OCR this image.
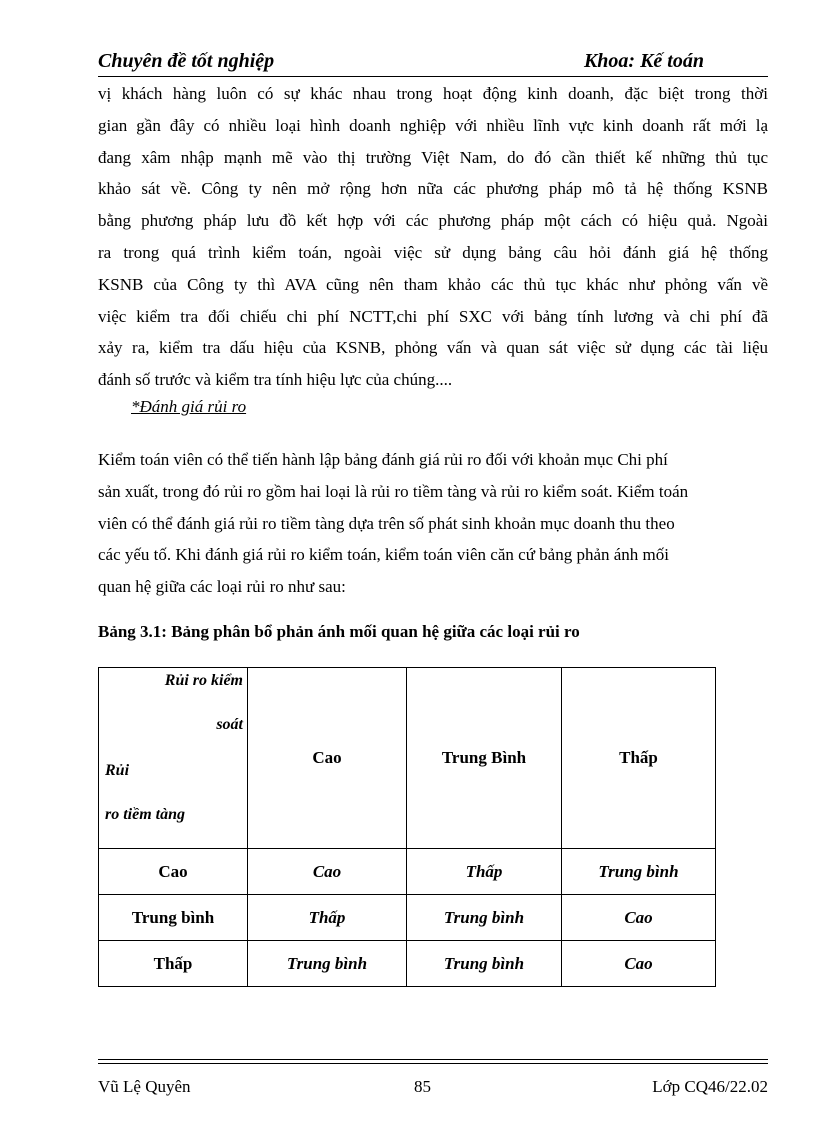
Chuyên đề tốt nghiệp	Khoa: Kế toán
vị khách hàng luôn có sự khác nhau trong hoạt động kinh doanh, đặc biệt trong thời
gian gần đây có nhiều loại hình doanh nghiệp với nhiều lĩnh vực kinh doanh rất mới lạ
đang xâm nhập mạnh mẽ vào thị trường Việt Nam, do đó cần thiết kế những thủ tục
khảo sát về. Công ty nên mở rộng hơn nữa các phương pháp mô tả hệ thống KSNB
bằng phương pháp lưu đồ kết hợp với các phương pháp một cách có hiệu quả. Ngoài
ra trong quá trình kiểm toán, ngoài việc sử dụng bảng câu hỏi đánh giá hệ thống
KSNB của Công ty thì AVA cũng nên tham khảo các thủ tục khác như phỏng vấn về
việc kiểm tra đối chiếu chi phí NCTT,chi phí SXC với bảng tính lương và chi phí đã
xảy ra, kiểm tra dấu hiệu của KSNB, phỏng vấn và quan sát việc sử dụng các tài liệu
đánh số trước và kiểm tra tính hiệu lực của chúng....
*Đánh giá rủi ro
Kiểm toán viên có thể tiến hành lập bảng đánh giá rủi ro đối với khoản mục Chi phí
sản xuất, trong đó rủi ro gồm hai loại là rủi ro tiềm tàng và rủi ro kiểm soát. Kiểm toán
viên có thể đánh giá rủi ro tiềm tàng dựa trên số phát sinh khoản mục doanh thu theo
các yếu tố. Khi đánh giá rủi ro kiểm toán, kiểm toán viên căn cứ bảng phản ánh mối
quan hệ giữa các loại rủi ro như sau:
Bảng 3.1: Bảng phân bổ phản ánh mối quan hệ giữa các loại rủi ro
Rủi ro kiểm
soát
Rủi
ro tiềm tàng	Cao	Trung Bình	Thấp
Cao	Cao	Thấp	Trung bình
Trung bình	Thấp	Trung bình	Cao
Thấp	Trung bình	Trung bình	Cao
Vũ Lệ Quyên	85	Lớp CQ46/22.02
